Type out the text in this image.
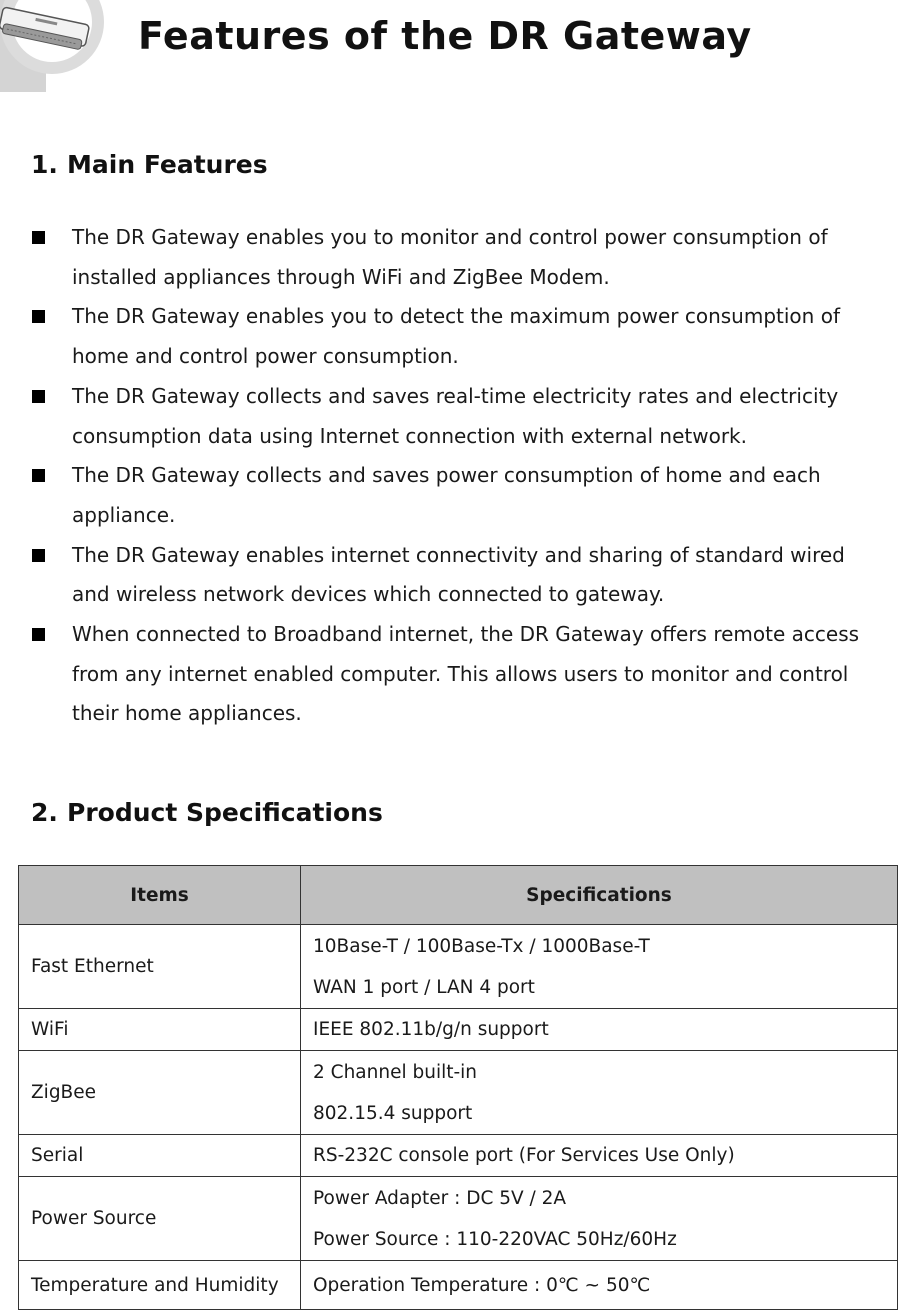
Features of the DR Gateway
1. Main Features
The DR Gateway enables you to monitor and control power consumption of installed appliances through WiFi and ZigBee Modem.
The DR Gateway enables you to detect the maximum power consumption of home and control power consumption.
The DR Gateway collects and saves real-time electricity rates and electricity consumption data using Internet connection with external network.
The DR Gateway collects and saves power consumption of home and each appliance.
The DR Gateway enables internet connectivity and sharing of standard wired and wireless network devices which connected to gateway.
When connected to Broadband internet, the DR Gateway offers remote access from any internet enabled computer. This allows users to monitor and control their home appliances.
2. Product Specifications
Items	Specifications
Fast Ethernet	10Base-T / 100Base-Tx / 1000Base-T
WAN 1 port / LAN 4 port

WiFi	IEEE 802.11b/g/n support

ZigBee	2 Channel built-in
802.15.4 support

Serial	RS-232C console port (For Services Use Only)

Power Source	Power Adapter : DC 5V / 2A
Power Source : 110-220VAC 50Hz/60Hz

Temperature and Humidity	Operation Temperature : 0℃ ~ 50℃
